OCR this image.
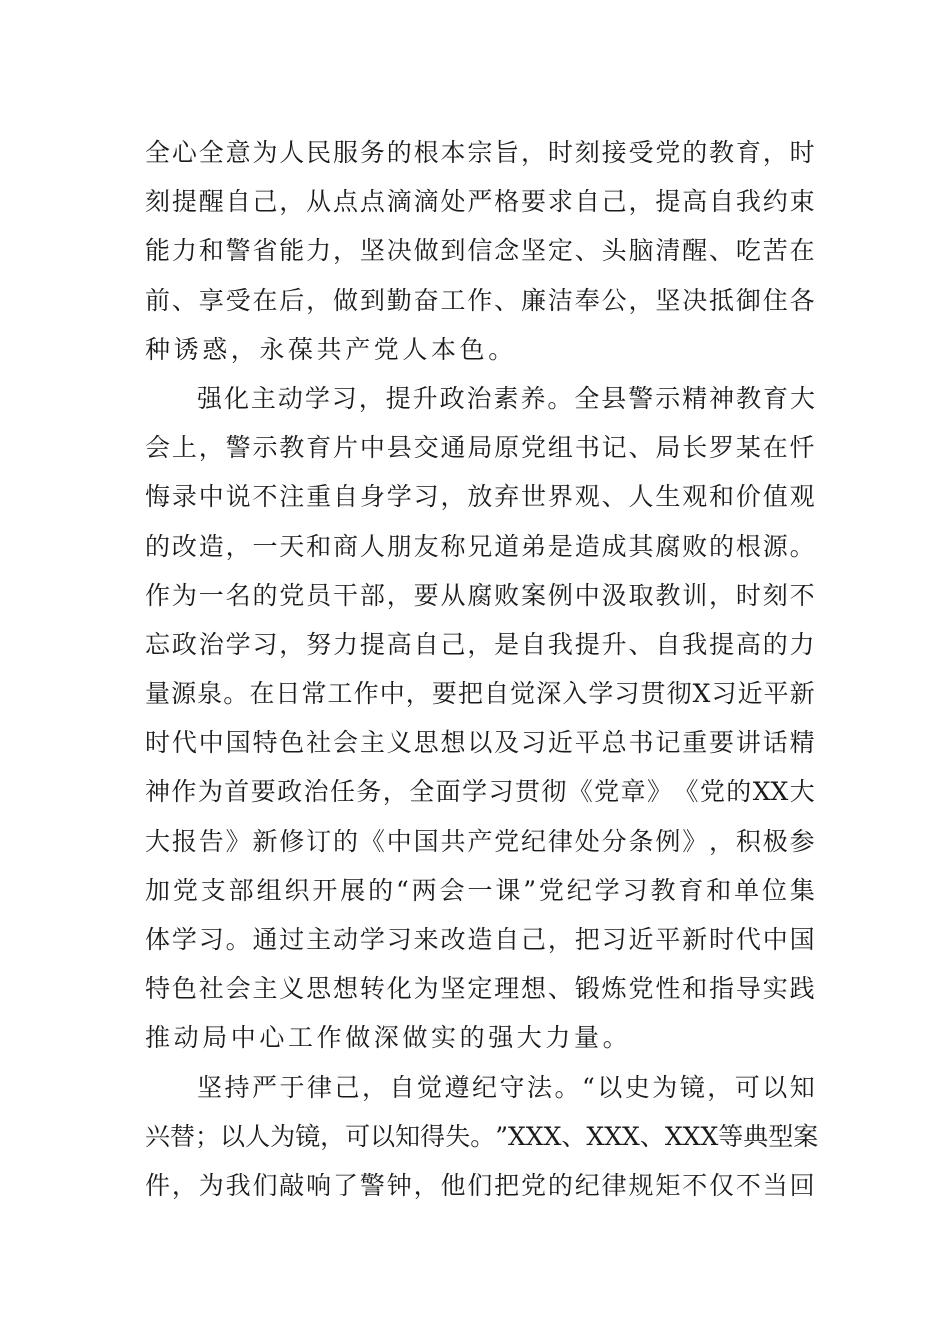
全 心 全 意 为 人 民 服 务 的 根 本 宗 旨 ， 时 刻 接 受 党 的 教 育 ， 时
刻 提 醒 自 己 ， 从 点 点 滴 滴 处 严 格 要 求 自 己 ， 提 高 自 我 约 束
能 力 和 警 省 能 力 ， 坚 决 做 到 信 念 坚 定 、 头 脑 清 醒 、 吃 苦 在
前 、 享 受 在 后 ， 做 到 勤 奋 工 作 、 廉 洁 奉 公 ， 坚 决 抵 御 住 各
种诱惑，永葆共产党人本色。
强 化 主 动 学 习 ， 提 升 政 治 素 养 。 全 县 警 示 精 神 教 育 大
会 上 ， 警 示 教 育 片 中 县 交 通 局 原 党 组 书 记 、 局 长 罗 某 在 忏
悔 录 中 说 不 注 重 自 身 学 习 ， 放 弃 世 界 观 、 人 生 观 和 价 值 观
的 改 造 ， 一 天 和 商 人 朋 友 称 兄 道 弟 是 造 成 其 腐 败 的 根 源 。
作 为 一 名 的 党 员 干 部 ， 要 从 腐 败 案 例 中 汲 取 教 训 ， 时 刻 不
忘 政 治 学 习 ， 努 力 提 高 自 己 ， 是 自 我 提 升 、 自 我 提 高 的 力
量 源 泉 。 在 日 常 工 作 中 ， 要 把 自 觉 深 入 学 习 贯 彻 X 习 近 平 新
时 代 中 国 特 色 社 会 主 义 思 想 以 及 习 近 平 总 书 记 重 要 讲 话 精
神 作 为 首 要 政 治 任 务 ， 全 面 学 习 贯 彻 《 党 章 》 《 党 的 XX 大
大 报 告 》 新 修 订 的 《 中 国 共 产 党 纪 律 处 分 条 例 》 ， 积 极 参
加 党 支 部 组 织 开 展 的 “ 两 会 一 课 ” 党 纪 学 习 教 育 和 单 位 集
体 学 习 。 通 过 主 动 学 习 来 改 造 自 己 ， 把 习 近 平 新 时 代 中 国
特 色 社 会 主 义 思 想 转 化 为 坚 定 理 想 、 锻 炼 党 性 和 指 导 实 践
推动局中心工作做深做实的强大力量。
坚 持 严 于 律 己 ， 自 觉 遵 纪 守 法 。 “ 以 史 为 镜 ， 可 以 知
兴 替 ； 以 人 为 镜 ， 可 以 知 得 失 。 ” XXX 、 XXX 、 XXX 等 典 型 案
件 ， 为 我 们 敲 响 了 警 钟 ， 他 们 把 党 的 纪 律 规 矩 不 仅 不 当 回
